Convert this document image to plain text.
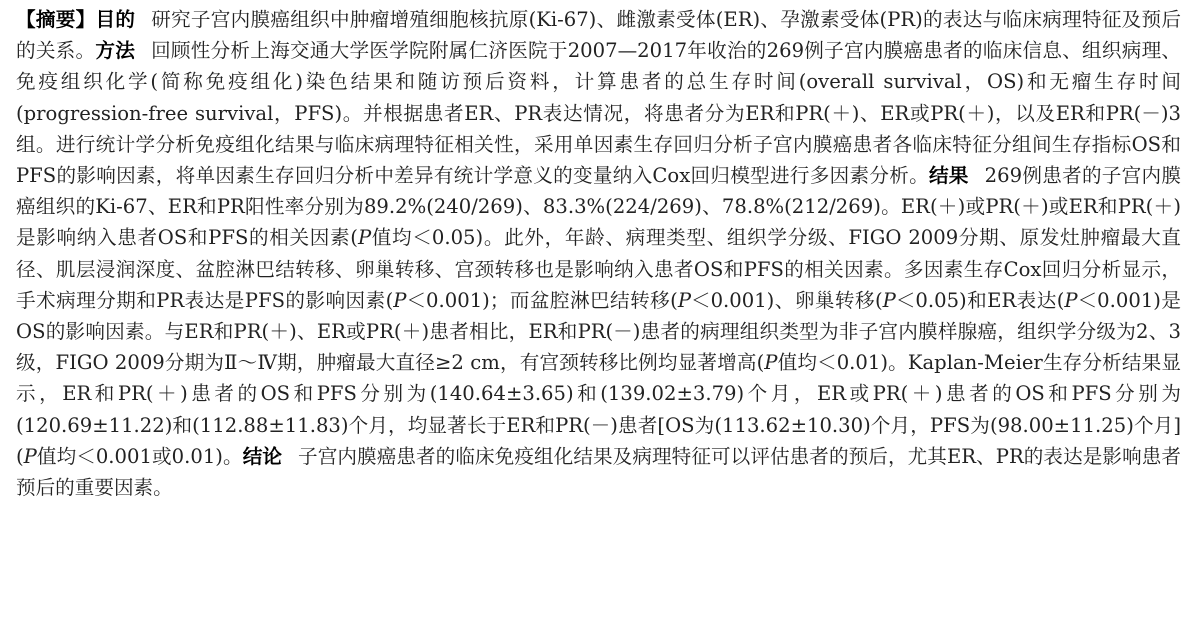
【摘要】目的 研究子宫内膜癌组织中肿瘤增殖细胞核抗原(Ki-67)、雌激素受体(ER)、孕激素受体(PR)的表达与临床病理特征及预后的关系。方法 回顾性分析上海交通大学医学院附属仁济医院于2007—2017年收治的269例子宫内膜癌患者的临床信息、组织病理、免疫组织化学(简称免疫组化)染色结果和随访预后资料，计算患者的总生存时间(overall survival，OS)和无瘤生存时间(progression-free survival，PFS)。并根据患者ER、PR表达情况，将患者分为ER和PR(＋)、ER或PR(＋)，以及ER和PR(－)3组。进行统计学分析免疫组化结果与临床病理特征相关性，采用单因素生存回归分析子宫内膜癌患者各临床特征分组间生存指标OS和PFS的影响因素，将单因素生存回归分析中差异有统计学意义的变量纳入Cox回归模型进行多因素分析。结果 269例患者的子宫内膜癌组织的Ki-67、ER和PR阳性率分别为89.2%(240/269)、83.3%(224/269)、78.8%(212/269)。ER(＋)或PR(＋)或ER和PR(＋)是影响纳入患者OS和PFS的相关因素(P值均＜0.05)。此外，年龄、病理类型、组织学分级、FIGO 2009分期、原发灶肿瘤最大直径、肌层浸润深度、盆腔淋巴结转移、卵巢转移、宫颈转移也是影响纳入患者OS和PFS的相关因素。多因素生存Cox回归分析显示，手术病理分期和PR表达是PFS的影响因素(P＜0.001)；而盆腔淋巴结转移(P＜0.001)、卵巢转移(P＜0.05)和ER表达(P＜0.001)是OS的影响因素。与ER和PR(＋)、ER或PR(＋)患者相比，ER和PR(－)患者的病理组织类型为非子宫内膜样腺癌，组织学分级为2、3级，FIGO 2009分期为Ⅱ～Ⅳ期，肿瘤最大直径≥2 cm，有宫颈转移比例均显著增高(P值均＜0.01)。Kaplan-Meier生存分析结果显示，ER和PR(＋)患者的OS和PFS分别为(140.64±3.65)和(139.02±3.79)个月，ER或PR(＋)患者的OS和PFS分别为(120.69±11.22)和(112.88±11.83)个月，均显著长于ER和PR(－)患者[OS为(113.62±10.30)个月，PFS为(98.00±11.25)个月](P值均＜0.001或0.01)。结论 子宫内膜癌患者的临床免疫组化结果及病理特征可以评估患者的预后，尤其ER、PR的表达是影响患者预后的重要因素。
